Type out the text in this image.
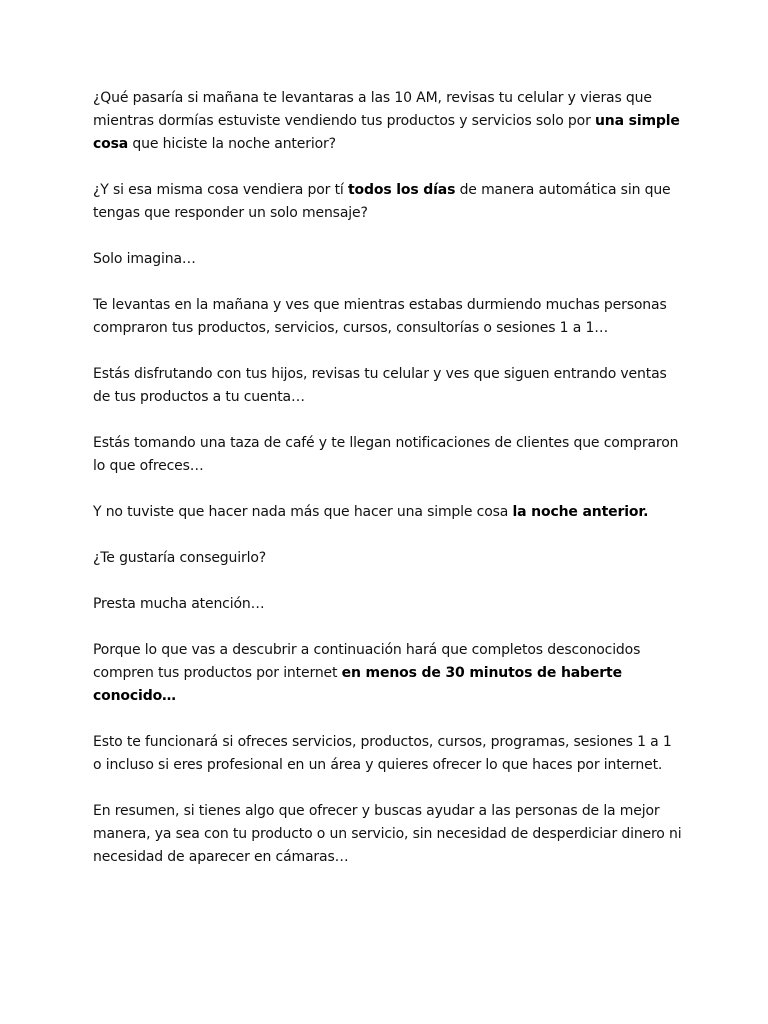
¿Qué pasaría si mañana te levantaras a las 10 AM, revisas tu celular y vieras que mientras dormías estuviste vendiendo tus productos y servicios solo por una simple cosa que hiciste la noche anterior?

¿Y si esa misma cosa vendiera por tí todos los días de manera automática sin que tengas que responder un solo mensaje?

Solo imagina…

Te levantas en la mañana y ves que mientras estabas durmiendo muchas personas compraron tus productos, servicios, cursos, consultorías o sesiones 1 a 1…

Estás disfrutando con tus hijos, revisas tu celular y ves que siguen entrando ventas de tus productos a tu cuenta…

Estás tomando una taza de café y te llegan notificaciones de clientes que compraron lo que ofreces…

Y no tuviste que hacer nada más que hacer una simple cosa la noche anterior.

¿Te gustaría conseguirlo?

Presta mucha atención…

Porque lo que vas a descubrir a continuación hará que completos desconocidos compren tus productos por internet en menos de 30 minutos de haberte conocido…

Esto te funcionará si ofreces servicios, productos, cursos, programas, sesiones 1 a 1 o incluso si eres profesional en un área y quieres ofrecer lo que haces por internet.

En resumen, si tienes algo que ofrecer y buscas ayudar a las personas de la mejor manera, ya sea con tu producto o un servicio, sin necesidad de desperdiciar dinero ni necesidad de aparecer en cámaras…
